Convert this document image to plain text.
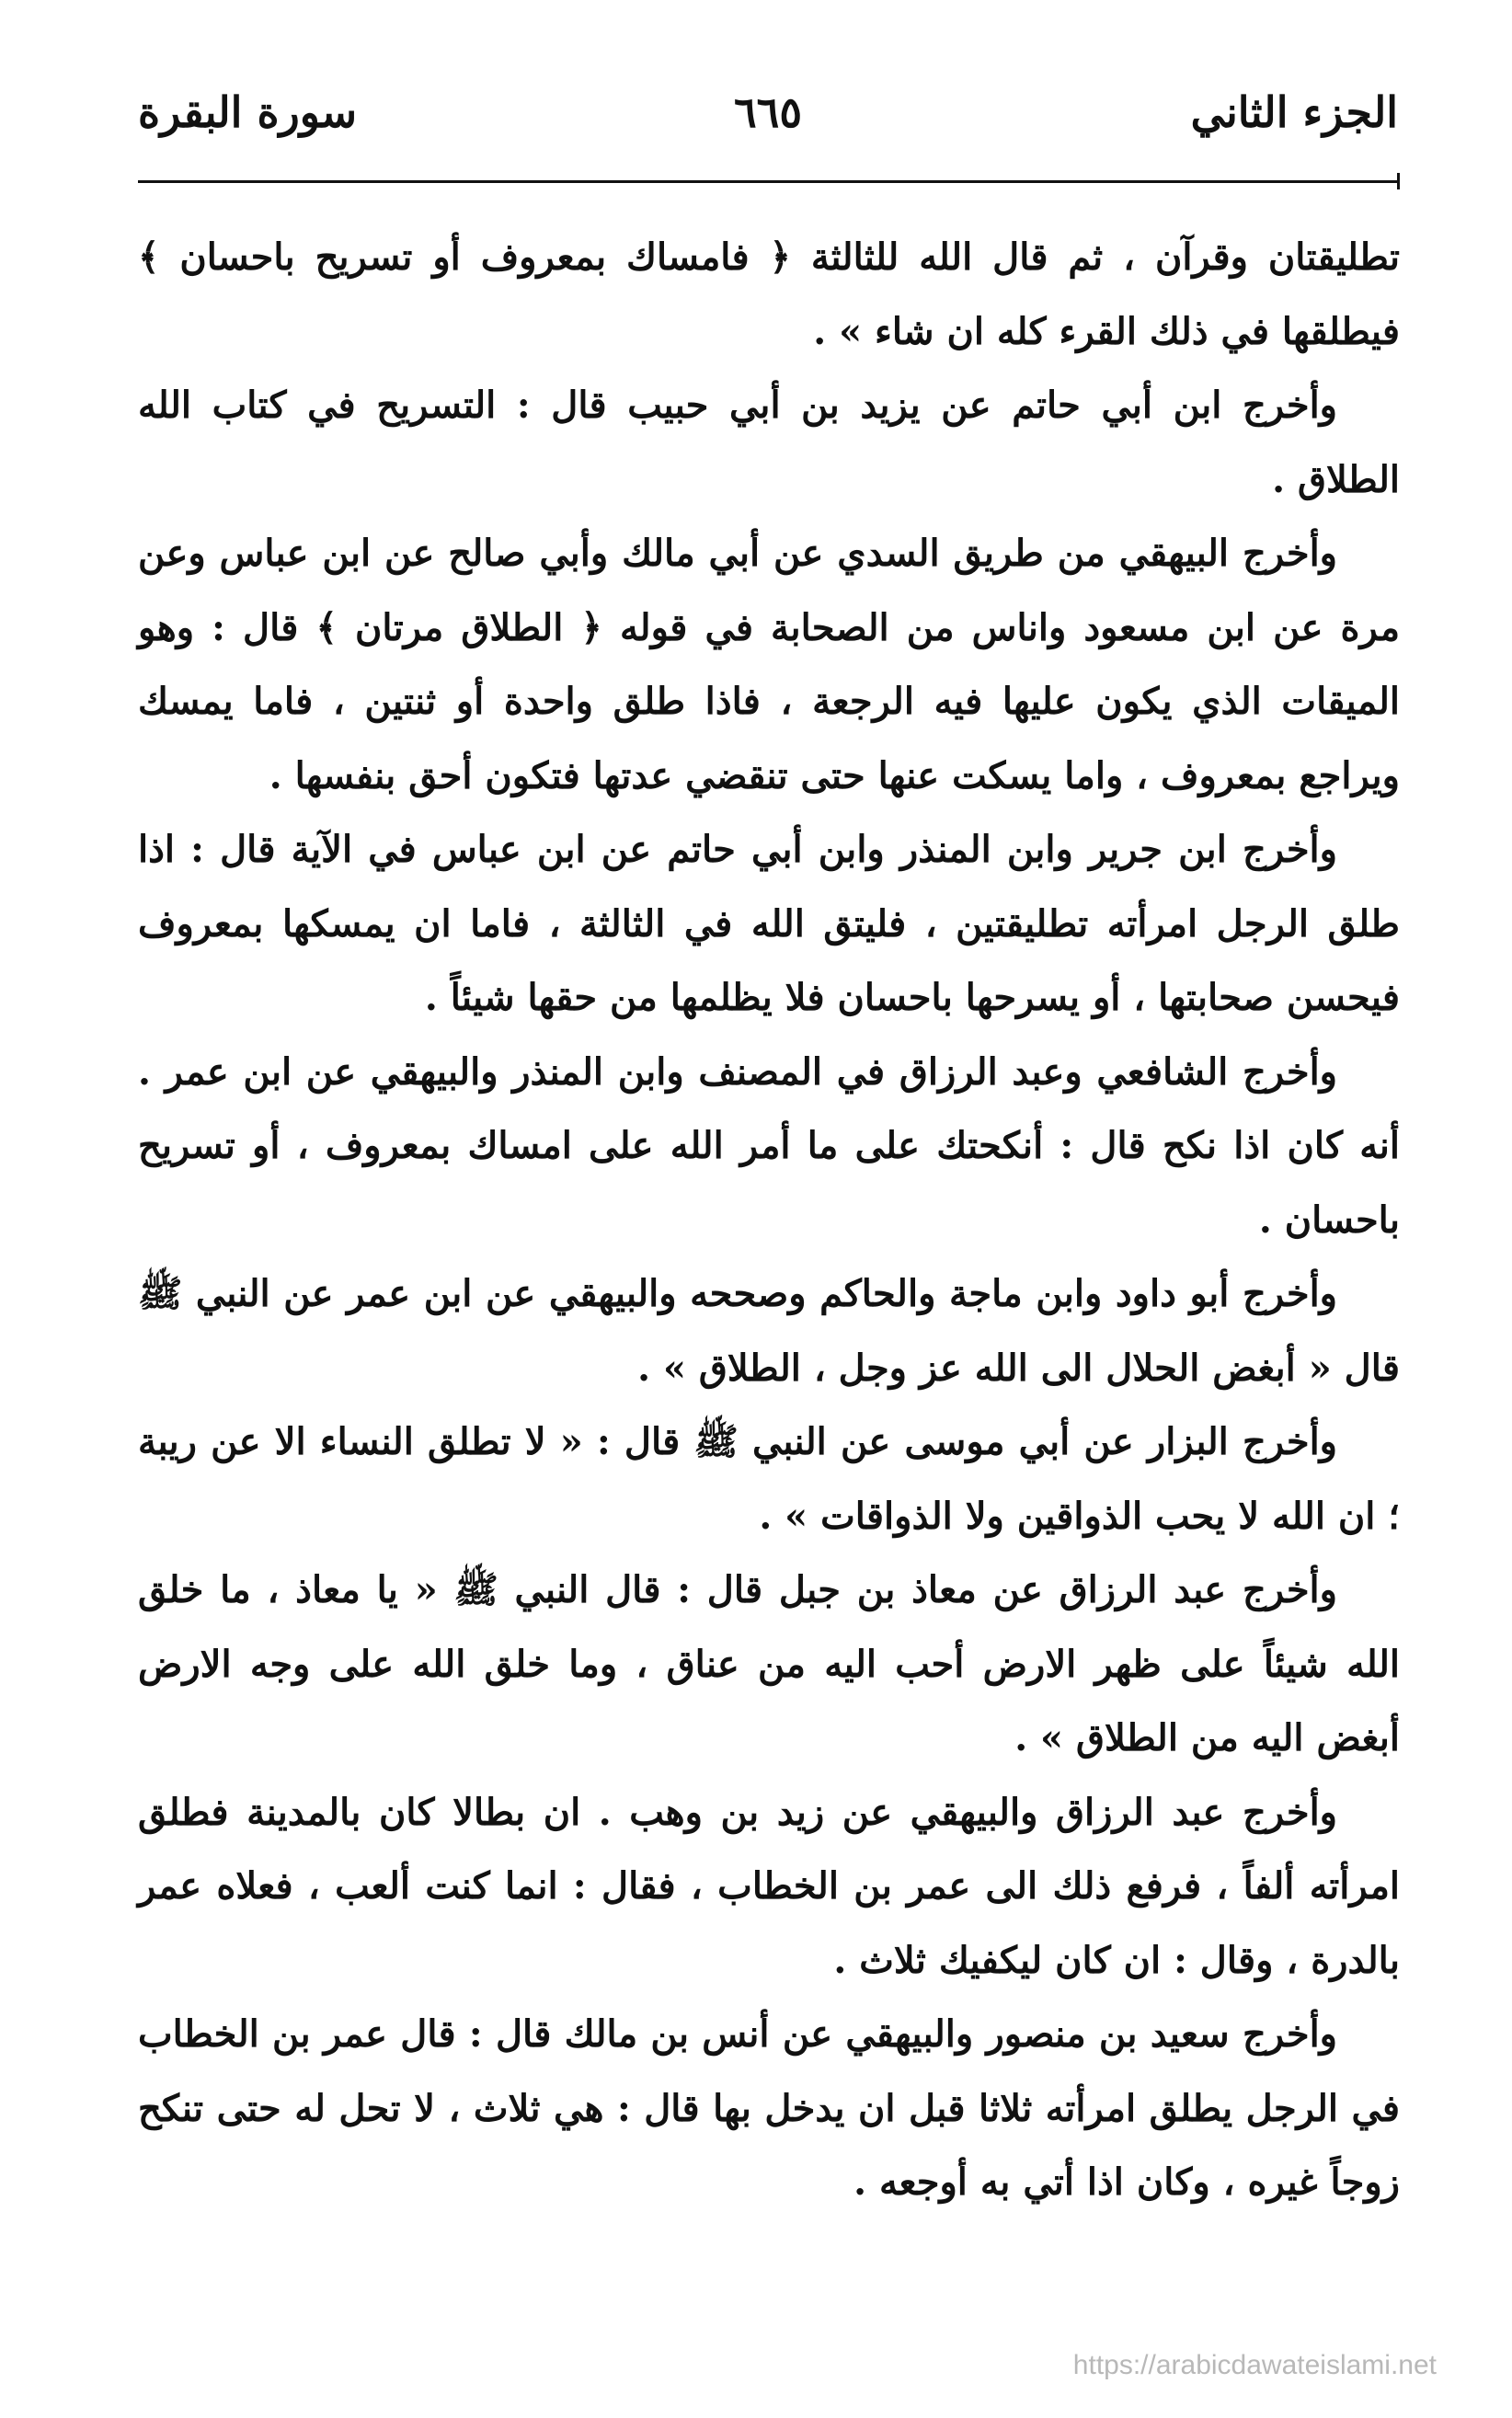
الجزء الثاني
٦٦٥
سورة البقرة

تطليقتان وقرآن ، ثم قال الله للثالثة ﴿ فامساك بمعروف أو تسريح باحسان ﴾ فيطلقها في ذلك القرء كله ان شاء » .

وأخرج ابن أبي حاتم عن يزيد بن أبي حبيب قال : التسريح في كتاب الله الطلاق .

وأخرج البيهقي من طريق السدي عن أبي مالك وأبي صالح عن ابن عباس وعن مرة عن ابن مسعود واناس من الصحابة في قوله ﴿ الطلاق مرتان ﴾ قال : وهو الميقات الذي يكون عليها فيه الرجعة ، فاذا طلق واحدة أو ثنتين ، فاما يمسك ويراجع بمعروف ، واما يسكت عنها حتى تنقضي عدتها فتكون أحق بنفسها .

وأخرج ابن جرير وابن المنذر وابن أبي حاتم عن ابن عباس في الآية قال : اذا طلق الرجل امرأته تطليقتين ، فليتق الله في الثالثة ، فاما ان يمسكها بمعروف فيحسن صحابتها ، أو يسرحها باحسان فلا يظلمها من حقها شيئاً .

وأخرج الشافعي وعبد الرزاق في المصنف وابن المنذر والبيهقي عن ابن عمر . أنه كان اذا نكح قال : أنكحتك على ما أمر الله على امساك بمعروف ، أو تسريح باحسان .

وأخرج أبو داود وابن ماجة والحاكم وصححه والبيهقي عن ابن عمر عن النبي ﷺ قال « أبغض الحلال الى الله عز وجل ، الطلاق » .

وأخرج البزار عن أبي موسى عن النبي ﷺ قال : « لا تطلق النساء الا عن ريبة ؛ ان الله لا يحب الذواقين ولا الذواقات » .

وأخرج عبد الرزاق عن معاذ بن جبل قال : قال النبي ﷺ « يا معاذ ، ما خلق الله شيئاً على ظهر الارض أحب اليه من عناق ، وما خلق الله على وجه الارض أبغض اليه من الطلاق » .

وأخرج عبد الرزاق والبيهقي عن زيد بن وهب . ان بطالا كان بالمدينة فطلق امرأته ألفاً ، فرفع ذلك الى عمر بن الخطاب ، فقال : انما كنت ألعب ، فعلاه عمر بالدرة ، وقال : ان كان ليكفيك ثلاث .

وأخرج سعيد بن منصور والبيهقي عن أنس بن مالك قال : قال عمر بن الخطاب في الرجل يطلق امرأته ثلاثا قبل ان يدخل بها قال : هي ثلاث ، لا تحل له حتى تنكح زوجاً غيره ، وكان اذا أتي به أوجعه .

https://arabicdawateislami.net
